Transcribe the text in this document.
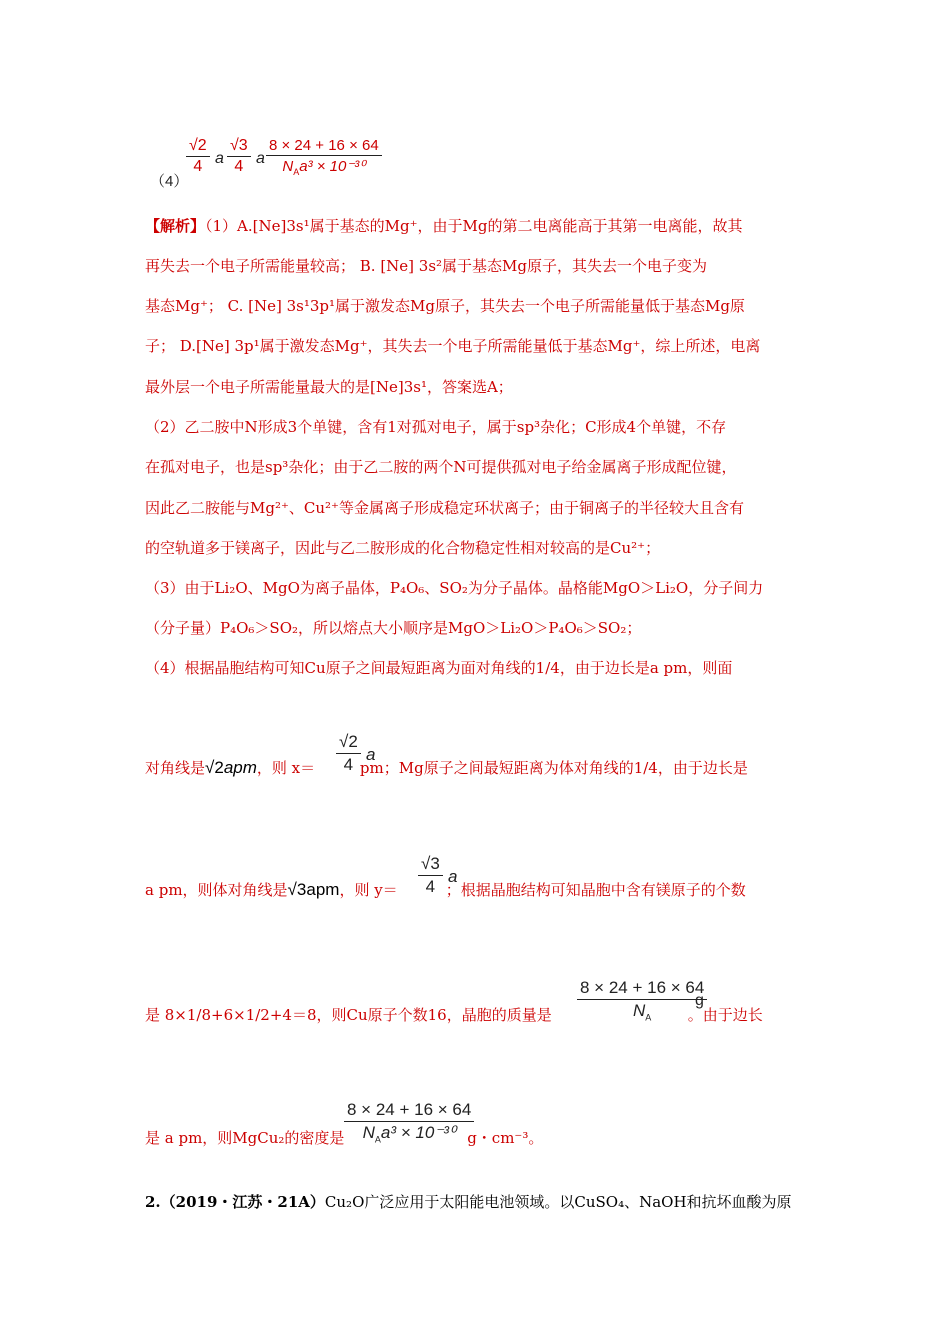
（4）
$\frac{√2}{4}$ a $\frac{√3}{4}$ a
8 × 24 + 16 × 64
$N_Aa^3 \times 10^{-30}$
【解析】（1）A.[Ne]3s¹属于基态的Mg⁺，由于Mg的第二电离能高于其第一电离能，故其
再失去一个电子所需能量较高； B. [Ne] 3s²属于基态Mg原子，其失去一个电子变为
基态Mg⁺； C. [Ne] 3s¹3p¹属于激发态Mg原子，其失去一个电子所需能量低于基态Mg原
子； D.[Ne] 3p¹属于激发态Mg⁺，其失去一个电子所需能量低于基态Mg⁺，综上所述，电离
最外层一个电子所需能量最大的是[Ne]3s¹，答案选A；
（2）乙二胺中N形成3个单键，含有1对孤对电子，属于sp³杂化；C形成4个单键，不存
在孤对电子，也是sp³杂化；由于乙二胺的两个N可提供孤对电子给金属离子形成配位键，
因此乙二胺能与Mg²⁺、Cu²⁺等金属离子形成稳定环状离子；由于铜离子的半径较大且含有
的空轨道多于镁离子，因此与乙二胺形成的化合物稳定性相对较高的是Cu²⁺；
（3）由于Li₂O、MgO为离子晶体，P₄O₆、SO₂为分子晶体。晶格能MgO＞Li₂O，分子间力
（分子量）P₄O₆＞SO₂，所以熔点大小顺序是MgO＞Li₂O＞P₄O₆＞SO₂；
（4）根据晶胞结构可知Cu原子之间最短距离为面对角线的1/4，由于边长是a pm，则面
对角线是√2apm，则 x＝	pm；Mg原子之间最短距离为体对角线的1/4，由于边长是
$\frac{√2}{4}$ a
a pm，则体对角线是√3apm，则 y＝	；根据晶胞结构可知晶胞中含有镁原子的个数
$\frac{√3}{4}$ a
是 8×1/8+6×1/2+4＝8，则Cu原子个数16，晶胞的质量是	。由于边长
$\frac{8 \times 24 + 16 \times 64}{N_A}$
g
是 a pm，则MgCu₂的密度是	g・cm⁻³。
8 × 24 + 16 × 64
$N_Aa^3 \times 10^{-30}$
2.（2019・江苏・21A）Cu₂O广泛应用于太阳能电池领域。以CuSO₄、NaOH和抗坏血酸为原
